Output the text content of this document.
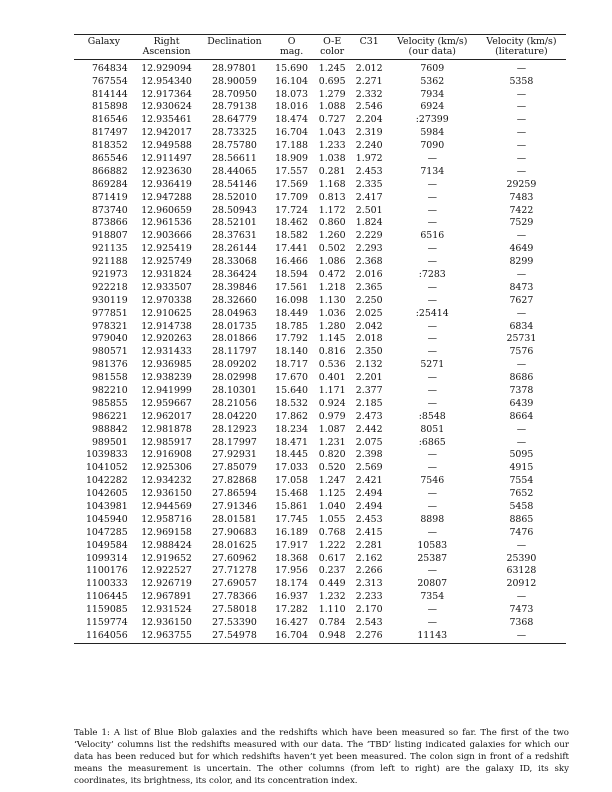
Galaxy	Right	Declination	O	O-E	C31	Velocity (km/s)	Velocity (km/s)
	Ascension		mag.	color		(our data)	(literature)
764834	12.929094	28.97801	15.690	1.245	2.012	7609	—
767554	12.954340	28.90059	16.104	0.695	2.271	5362	5358
814144	12.917364	28.70950	18.073	1.279	2.332	7934	—
815898	12.930624	28.79138	18.016	1.088	2.546	6924	—
816546	12.935461	28.64779	18.474	0.727	2.204	:27399	—
817497	12.942017	28.73325	16.704	1.043	2.319	5984	—
818352	12.949588	28.75780	17.188	1.233	2.240	7090	—
865546	12.911497	28.56611	18.909	1.038	1.972	—	—
866882	12.923630	28.44065	17.557	0.281	2.453	7134	—
869284	12.936419	28.54146	17.569	1.168	2.335	—	29259
871419	12.947288	28.52010	17.709	0.813	2.417	—	7483
873740	12.960659	28.50943	17.724	1.172	2.501	—	7422
873866	12.961536	28.52101	18.462	0.860	1.824	—	7529
918807	12.903666	28.37631	18.582	1.260	2.229	6516	—
921135	12.925419	28.26144	17.441	0.502	2.293	—	4649
921188	12.925749	28.33068	16.466	1.086	2.368	—	8299
921973	12.931824	28.36424	18.594	0.472	2.016	:7283	—
922218	12.933507	28.39846	17.561	1.218	2.365	—	8473
930119	12.970338	28.32660	16.098	1.130	2.250	—	7627
977851	12.910625	28.04963	18.449	1.036	2.025	:25414	—
978321	12.914738	28.01735	18.785	1.280	2.042	—	6834
979040	12.920263	28.01866	17.792	1.145	2.018	—	25731
980571	12.931433	28.11797	18.140	0.816	2.350	—	7576
981376	12.936985	28.09202	18.717	0.536	2.132	5271	—
981558	12.938239	28.02998	17.670	0.401	2.201	—	8686
982210	12.941999	28.10301	15.640	1.171	2.377	—	7378
985855	12.959667	28.21056	18.532	0.924	2.185	—	6439
986221	12.962017	28.04220	17.862	0.979	2.473	:8548	8664
988842	12.981878	28.12923	18.234	1.087	2.442	8051	—
989501	12.985917	28.17997	18.471	1.231	2.075	:6865	—
1039833	12.916908	27.92931	18.445	0.820	2.398	—	5095
1041052	12.925306	27.85079	17.033	0.520	2.569	—	4915
1042282	12.934232	27.82868	17.058	1.247	2.421	7546	7554
1042605	12.936150	27.86594	15.468	1.125	2.494	—	7652
1043981	12.944569	27.91346	15.861	1.040	2.494	—	5458
1045940	12.958716	28.01581	17.745	1.055	2.453	8898	8865
1047285	12.969158	27.90683	16.189	0.768	2.415	—	7476
1049584	12.988424	28.01625	17.917	1.222	2.281	10583	—
1099314	12.919652	27.60962	18.368	0.617	2.162	25387	25390
1100176	12.922527	27.71278	17.956	0.237	2.266	—	63128
1100333	12.926719	27.69057	18.174	0.449	2.313	20807	20912
1106445	12.967891	27.78366	16.937	1.232	2.233	7354	—
1159085	12.931524	27.58018	17.282	1.110	2.170	—	7473
1159774	12.936150	27.53390	16.427	0.784	2.543	—	7368
1164056	12.963755	27.54978	16.704	0.948	2.276	11143	—

Table 1: A list of Blue Blob galaxies and the redshifts which have been measured so far. The first of the two ‘Velocity’ columns list the redshifts measured with our data. The ‘TBD’ listing indicated galaxies for which our data has been reduced but for which redshifts haven’t yet been measured. The colon sign in front of a redshift means the measurement is uncertain. The other columns (from left to right) are the galaxy ID, its sky coordinates, its brightness, its color, and its concentration index.
